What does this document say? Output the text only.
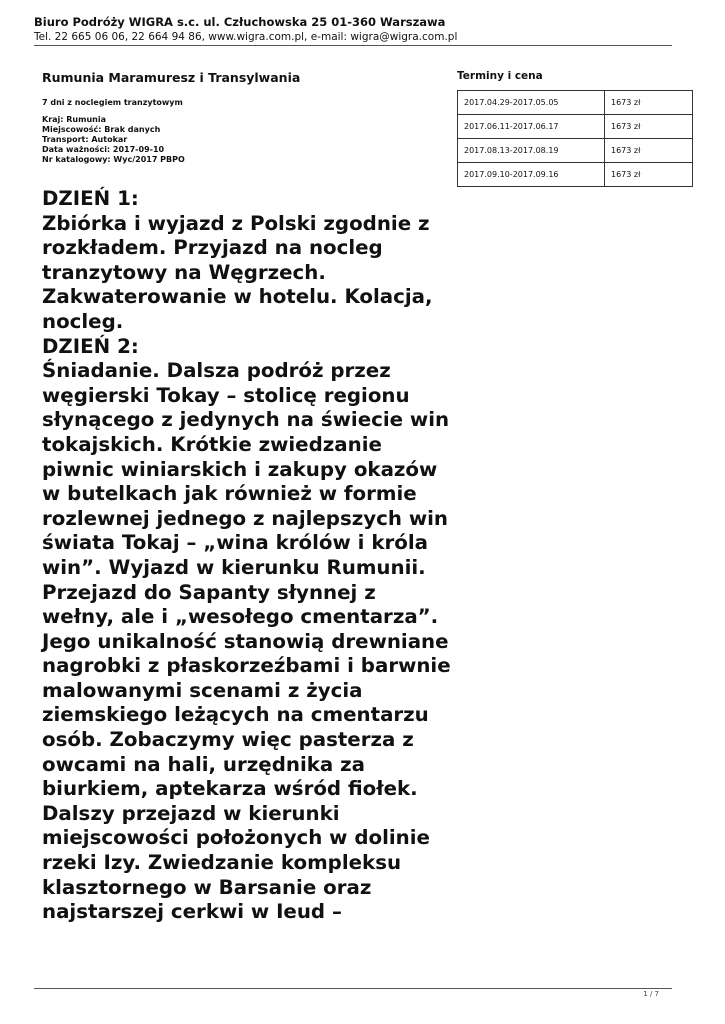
Biuro Podróży WIGRA s.c. ul. Człuchowska 25 01-360 Warszawa
Tel. 22 665 06 06, 22 664 94 86, www.wigra.com.pl, e-mail: wigra@wigra.com.pl
Rumunia Maramuresz i Transylwania
7 dni z noclegiem tranzytowym
Kraj: Rumunia
Miejscowość: Brak danych
Transport: Autokar
Data ważności: 2017-09-10
Nr katalogowy: Wyc/2017 PBPO

DZIEŃ 1:

Zbiórka i wyjazd z Polski zgodnie z rozkładem. Przyjazd na nocleg tranzytowy na Węgrzech. Zakwaterowanie w hotelu. Kolacja, nocleg.

DZIEŃ 2:

Śniadanie. Dalsza podróż przez węgierski Tokay – stolicę regionu słynącego z jedynych na świecie win tokajskich. Krótkie zwiedzanie piwnic winiarskich i zakupy okazów w butelkach jak również w formie rozlewnej jednego z najlepszych win świata Tokaj – „wina królów i króla win”. Wyjazd w kierunku Rumunii. Przejazd do Sapanty słynnej z wełny, ale i „wesołego cmentarza”. Jego unikalność stanowią drewniane nagrobki z płaskorzeźbami i barwnie malowanymi scenami z życia ziemskiego leżących na cmentarzu osób. Zobaczymy więc pasterza z owcami na hali, urzędnika za biurkiem, aptekarza wśród fiołek. Dalszy przejazd w kierunki miejscowości położonych w dolinie rzeki Izy. Zwiedzanie kompleksu klasztornego w Barsanie oraz najstarszej cerkwi w Ieud –

Terminy i cena
2017.04.29-2017.05.05	1673 zł
2017.06.11-2017.06.17	1673 zł
2017.08.13-2017.08.19	1673 zł
2017.09.10-2017.09.16	1673 zł
1 / 7
